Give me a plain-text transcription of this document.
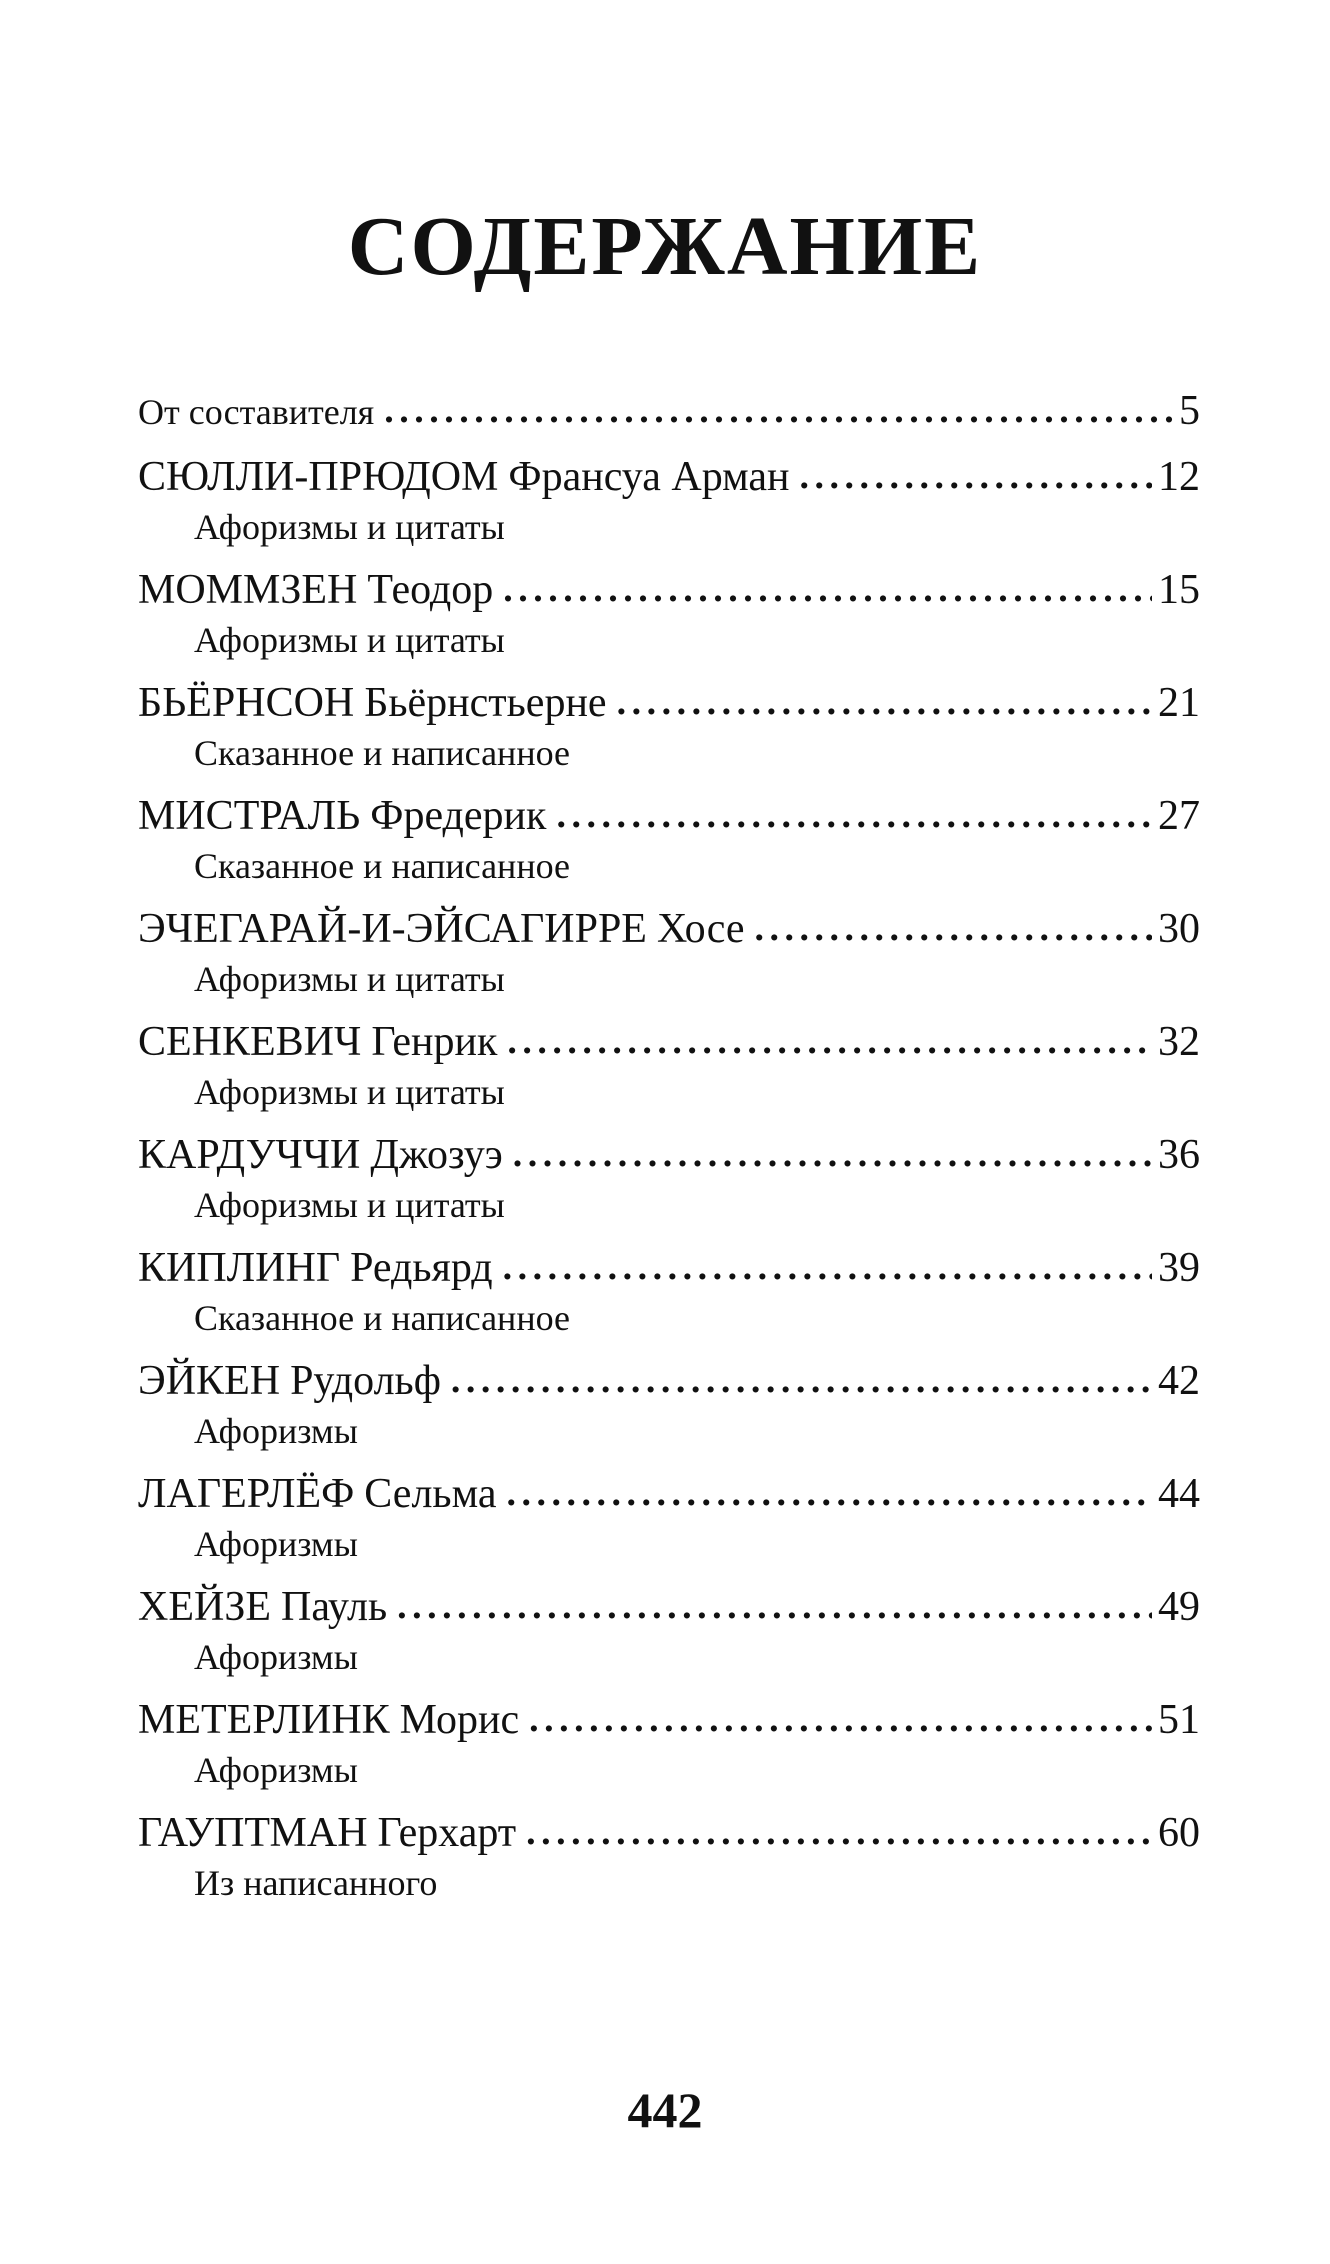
СОДЕРЖАНИЕ
От составителя . . .	5
СЮЛЛИ-ПРЮДОМ Франсуа Арман . . .	12
Афоризмы и цитаты
МОММЗЕН Теодор . . .	15
Афоризмы и цитаты
БЬЁРНСОН Бьёрнстьерне . . .	21
Сказанное и написанное
МИСТРАЛЬ Фредерик . . .	27
Сказанное и написанное
ЭЧЕГАРАЙ-И-ЭЙСАГИРРЕ Хосе . . .	30
Афоризмы и цитаты
СЕНКЕВИЧ Генрик . . .	32
Афоризмы и цитаты
КАРДУЧЧИ Джозуэ . . .	36
Афоризмы и цитаты
КИПЛИНГ Редьярд . . .	39
Сказанное и написанное
ЭЙКЕН Рудольф . . .	42
Афоризмы
ЛАГЕРЛЁФ Сельма . . .	44
Афоризмы
ХЕЙЗЕ Пауль . . .	49
Афоризмы
МЕТЕРЛИНК Морис . . .	51
Афоризмы
ГАУПТМАН Герхарт . . .	60
Из написанного
442
